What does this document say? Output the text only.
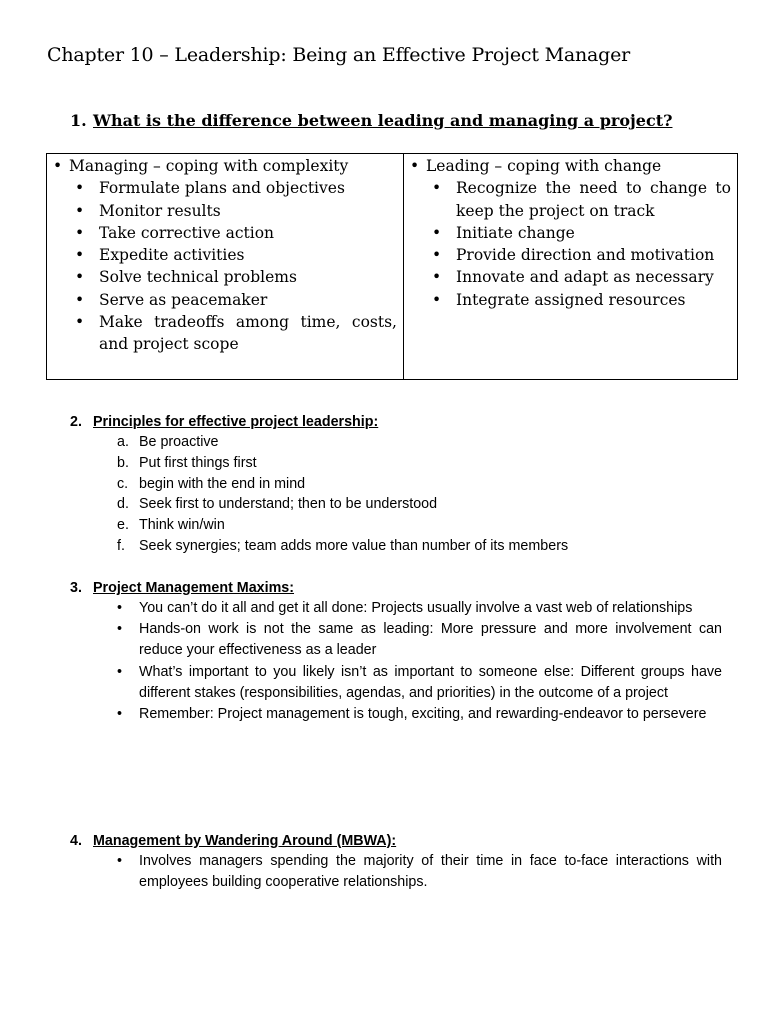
Chapter 10 – Leadership: Being an Effective Project Manager
1. What is the difference between leading and managing a project?
• Managing – coping with complexity
• Formulate plans and objectives
• Monitor results
• Take corrective action
• Expedite activities
• Solve technical problems
• Serve as peacemaker
• Make tradeoffs among time, costs, and project scope

• Leading – coping with change
• Recognize the need to change to keep the project on track
• Initiate change
• Provide direction and motivation
• Innovate and adapt as necessary
• Integrate assigned resources
2. Principles for effective project leadership:
a. Be proactive
b. Put first things first
c. begin with the end in mind
d. Seek first to understand; then to be understood
e. Think win/win
f. Seek synergies; team adds more value than number of its members
3. Project Management Maxims:
• You can’t do it all and get it all done: Projects usually involve a vast web of relationships
• Hands-on work is not the same as leading: More pressure and more involvement can reduce your effectiveness as a leader
• What’s important to you likely isn’t as important to someone else: Different groups have different stakes (responsibilities, agendas, and priorities) in the outcome of a project
• Remember: Project management is tough, exciting, and rewarding-endeavor to persevere
4. Management by Wandering Around (MBWA):
• Involves managers spending the majority of their time in face to-face interactions with employees building cooperative relationships.
